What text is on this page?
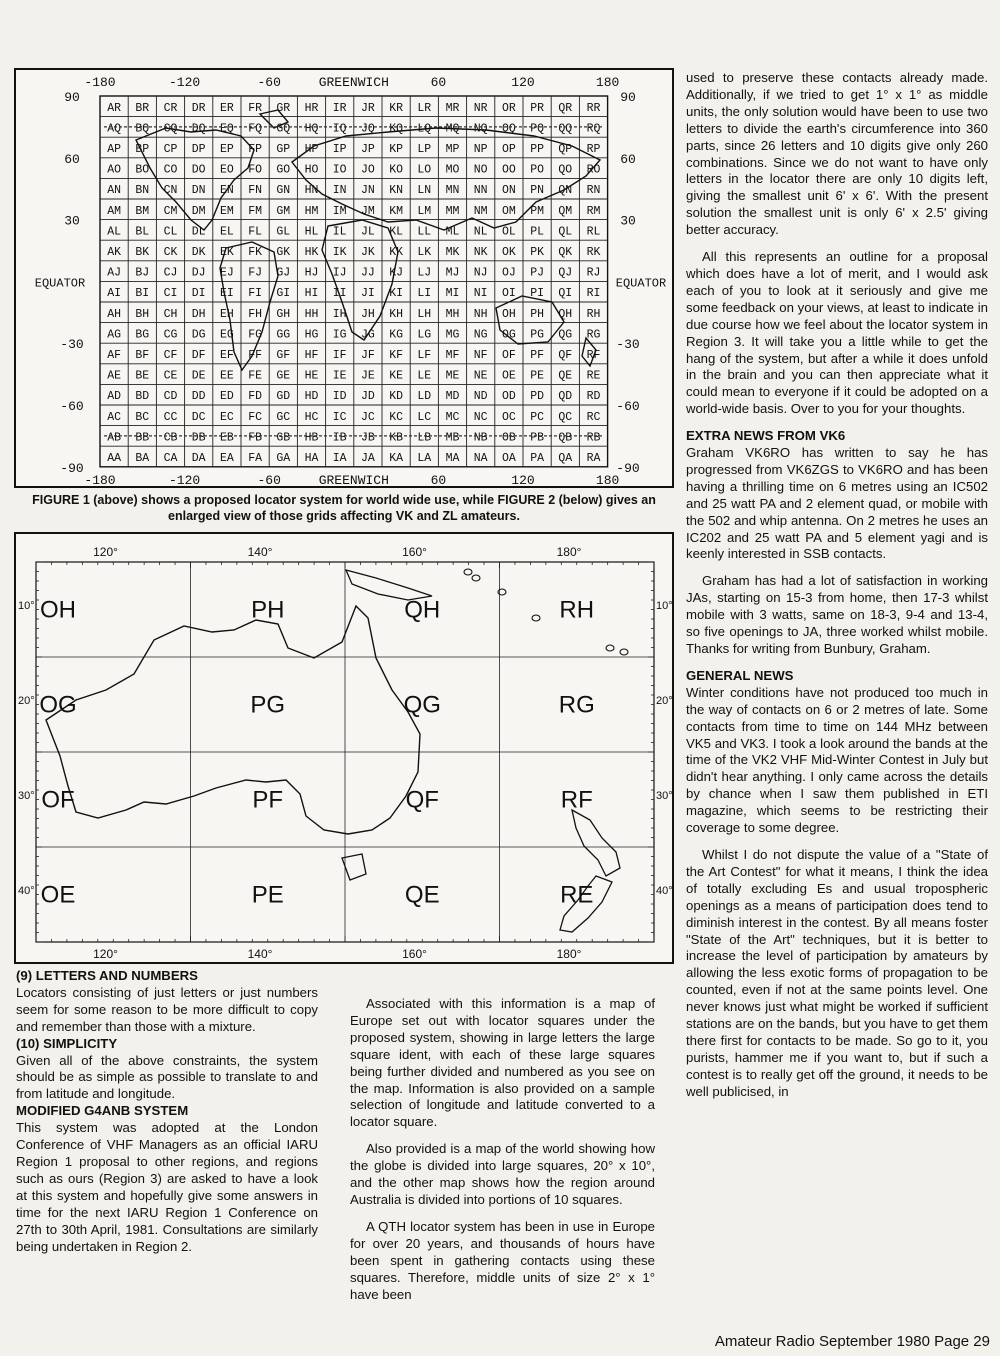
AR BR CR DR ER FR GR HR IR JR KR LR MR NR OR PR QR RR
AQ BQ CQ DQ EQ FQ GQ HQ IQ JQ KQ LQ MQ NQ OQ PQ QQ RQ
AP BP CP DP EP FP GP HP IP JP KP LP MP NP OP PP QP RP
AO BO CO DO EO FO GO HO IO JO KO LO MO NO OO PO QO RO
AN BN CN DN EN FN GN HN IN JN KN LN MN NN ON PN QN RN
AM BM CM DM EM FM GM HM IM JM KM LM MM NM OM PM QM RM
AL BL CL DL EL FL GL HL IL JL KL LL ML NL OL PL QL RL
AK BK CK DK EK FK GK HK IK JK KK LK MK NK OK PK QK RK
AJ BJ CJ DJ EJ FJ GJ HJ IJ JJ KJ LJ MJ NJ OJ PJ QJ RJ
AI BI CI DI EI FI GI HI II JI KI LI MI NI OI PI QI RI
AH BH CH DH EH FH GH HH IH JH KH LH MH NH OH PH QH RH
AG BG CG DG EG FG GG HG IG JG KG LG MG NG OG PG QG RG
AF BF CF DF EF FF GF HF IF JF KF LF MF NF OF PF QF RF
AE BE CE DE EE FE GE HE IE JE KE LE ME NE OE PE QE RE
AD BD CD DD ED FD GD HD ID JD KD LD MD ND OD PD QD RD
AC BC CC DC EC FC GC HC IC JC KC LC MC NC OC PC QC RC
AB BB CB DB EB FB GB HB IB JB KB LB MB NB OB PB QB RB
AA BA CA DA EA FA GA HA IA JA KA LA MA NA OA PA QA RA
-180	-120	-60	GREENWICH	60	120	180
-180	-120	-60	GREENWICH	60	120	180
90
60
30
EQUATOR
-30
-60
-90
90
60
30
EQUATOR
-30
-60
-90
FIGURE 1 (above) shows a proposed locator system for world wide use, while FIGURE 2 (below) gives an enlarged view of those grids affecting VK and ZL amateurs.
OH	PH	QH	RH
OG	PG	QG	RG
OF	PF	QF	RF
OE	PE	QE	RE
120°	140°	160°	180°
120°	140°	160°	180°
10°
20°
30°
40°
10°
20°
30°
40°
(9) LETTERS AND NUMBERS

Locators consisting of just letters or just numbers seem for some reason to be more difficult to copy and remember than those with a mixture.

(10) SIMPLICITY

Given all of the above constraints, the system should be as simple as possible to translate to and from latitude and longitude.

MODIFIED G4ANB SYSTEM

This system was adopted at the London Conference of VHF Managers as an official IARU Region 1 proposal to other regions, and regions such as ours (Region 3) are asked to have a look at this system and hopefully give some answers in time for the next IARU Region 1 Conference on 27th to 30th April, 1981. Consultations are similarly being undertaken in Region 2.

Associated with this information is a map of Europe set out with locator squares under the proposed system, showing in large letters the large square ident, with each of these large squares being further divided and numbered as you see on the map. Information is also provided on a sample selection of longitude and latitude converted to a locator square.

Also provided is a map of the world showing how the globe is divided into large squares, 20° x 10°, and the other map shows how the region around Australia is divided into portions of 10 squares.

A QTH locator system has been in use in Europe for over 20 years, and thousands of hours have been spent in gathering contacts using these squares. Therefore, middle units of size 2° x 1° have been

used to preserve these contacts already made. Additionally, if we tried to get 1° x 1° as middle units, the only solution would have been to use two letters to divide the earth's circumference into 360 parts, since 26 letters and 10 digits give only 260 combinations. Since we do not want to have only letters in the locator there are only 10 digits left, giving the smallest unit 6' x 6'. With the present solution the smallest unit is only 6' x 2.5' giving better accuracy.

All this represents an outline for a proposal which does have a lot of merit, and I would ask each of you to look at it seriously and give me some feedback on your views, at least to indicate in due course how we feel about the locator system in Region 3. It will take you a little while to get the hang of the system, but after a while it does unfold in the brain and you can then appreciate what it could mean to everyone if it could be adopted on a world-wide basis. Over to you for your thoughts.

EXTRA NEWS FROM VK6

Graham VK6RO has written to say he has progressed from VK6ZGS to VK6RO and has been having a thrilling time on 6 metres using an IC502 and 25 watt PA and 2 element quad, or mobile with the 502 and whip antenna. On 2 metres he uses an IC202 and 25 watt PA and 5 element yagi and is keenly interested in SSB contacts.

Graham has had a lot of satisfaction in working JAs, starting on 15-3 from home, then 17-3 whilst mobile with 3 watts, same on 18-3, 9-4 and 13-4, so five openings to JA, three worked whilst mobile. Thanks for writing from Bunbury, Graham.

GENERAL NEWS

Winter conditions have not produced too much in the way of contacts on 6 or 2 metres of late. Some contacts from time to time on 144 MHz between VK5 and VK3. I took a look around the bands at the time of the VK2 VHF Mid-Winter Contest in July but didn't hear anything. I only came across the details by chance when I saw them published in ETI magazine, which seems to be restricting their coverage to some degree.

Whilst I do not dispute the value of a "State of the Art Contest" for what it means, I think the idea of totally excluding Es and usual tropospheric openings as a means of participation does tend to diminish interest in the contest. By all means foster "State of the Art" techniques, but it is better to increase the level of participation by amateurs by allowing the less exotic forms of propagation to be counted, even if not at the same points level. One never knows just what might be worked if sufficient stations are on the bands, but you have to get them there first for contacts to be made. So go to it, you purists, hammer me if you want to, but if such a contest is to really get off the ground, it needs to be well publicised, in

Amateur Radio September 1980 Page 29
